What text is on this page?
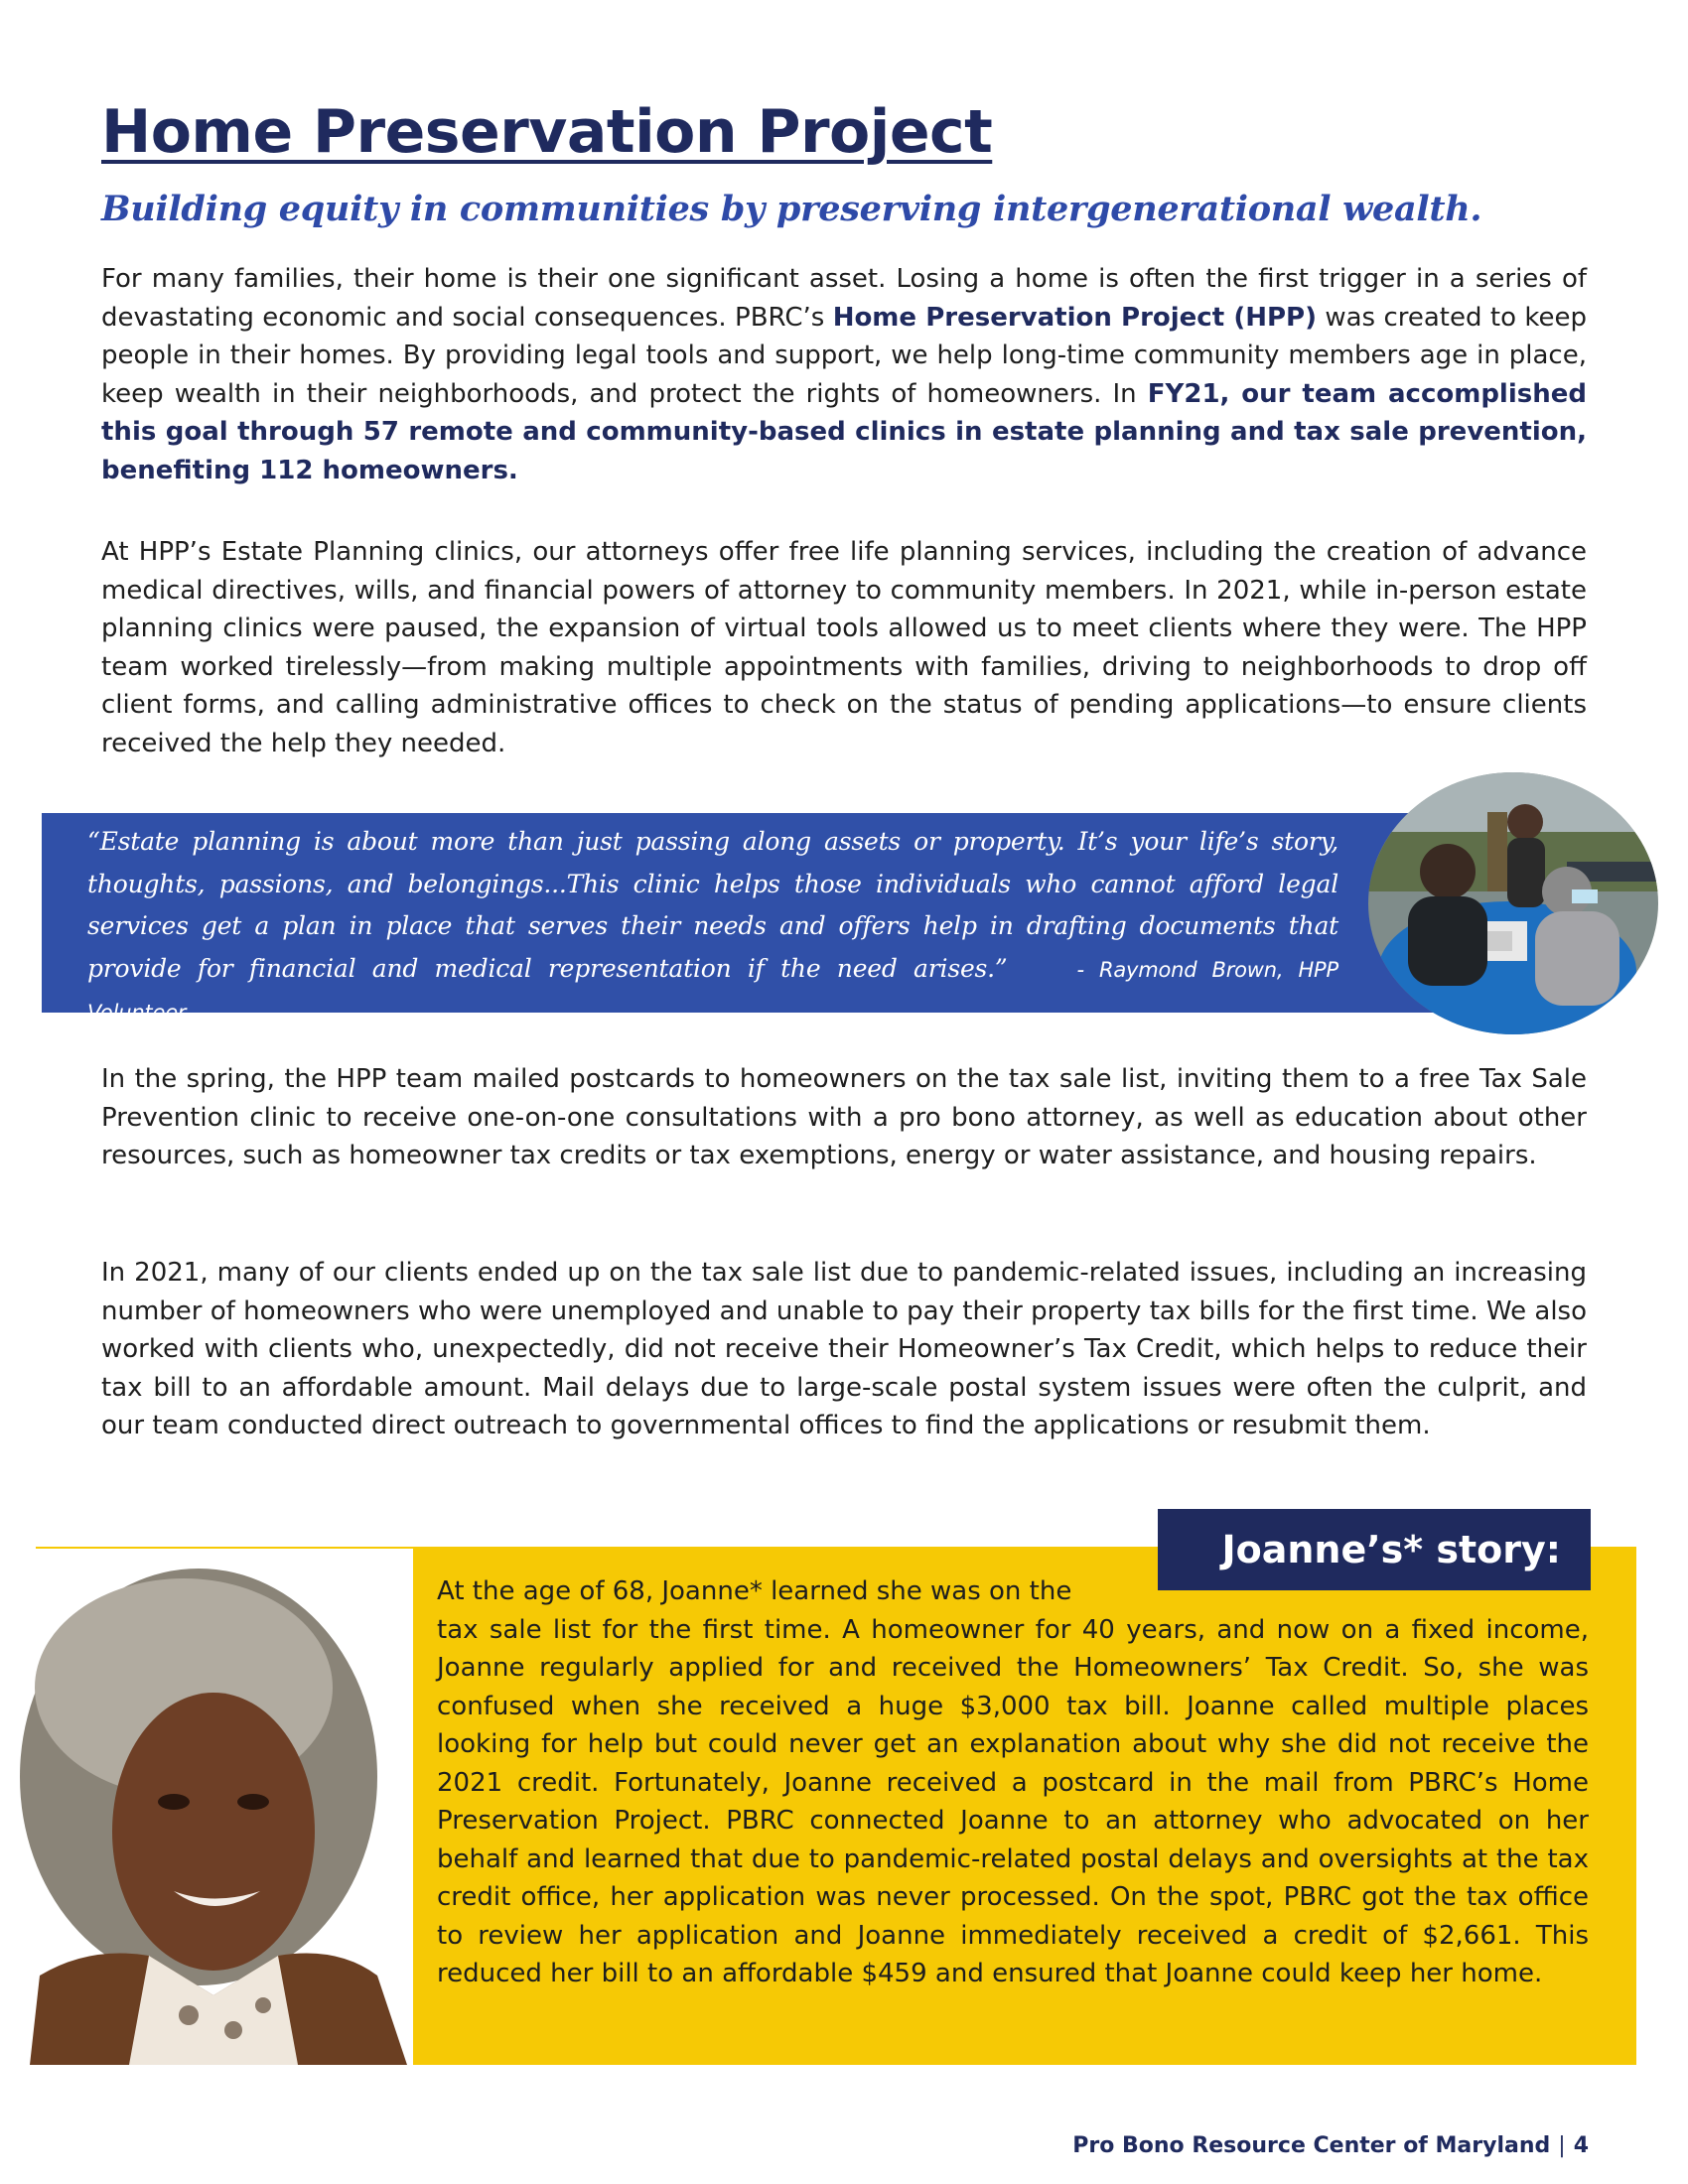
Home Preservation Project
Building equity in communities by preserving intergenerational wealth.

For many families, their home is their one significant asset. Losing a home is often the first trigger in a series of devastating economic and social consequences. PBRC’s Home Preservation Project (HPP) was created to keep people in their homes. By providing legal tools and support, we help long-time community members age in place, keep wealth in their neighborhoods, and protect the rights of homeowners. In FY21, our team accomplished this goal through 57 remote and community-based clinics in estate planning and tax sale prevention, benefiting 112 homeowners.

At HPP’s Estate Planning clinics, our attorneys offer free life planning services, including the creation of advance medical directives, wills, and financial powers of attorney to community members. In 2021, while in-person estate planning clinics were paused, the expansion of virtual tools allowed us to meet clients where they were. The HPP team worked tirelessly—from making multiple appointments with families, driving to neighborhoods to drop off client forms, and calling administrative offices to check on the status of pending applications—to ensure clients received the help they needed.

“Estate planning is about more than just passing along assets or property. It’s your life’s story, thoughts, passions, and belongings...This clinic helps those individuals who cannot afford legal services get a plan in place that serves their needs and offers help in drafting documents that provide for financial and medical representation if the need arises.”	- Raymond Brown, HPP Volunteer

In the spring, the HPP team mailed postcards to homeowners on the tax sale list, inviting them to a free Tax Sale Prevention clinic to receive one-on-one consultations with a pro bono attorney, as well as education about other resources, such as homeowner tax credits or tax exemptions, energy or water assistance, and housing repairs.

In 2021, many of our clients ended up on the tax sale list due to pandemic-related issues, including an increasing number of homeowners who were unemployed and unable to pay their property tax bills for the first time. We also worked with clients who, unexpectedly, did not receive their Homeowner’s Tax Credit, which helps to reduce their tax bill to an affordable amount. Mail delays due to large-scale postal system issues were often the culprit, and our team conducted direct outreach to governmental offices to find the applications or resubmit them.

Joanne’s* story:

At the age of 68, Joanne* learned she was on the
tax sale list for the first time. A homeowner for 40 years, and now on a fixed income, Joanne regularly applied for and received the Homeowners’ Tax Credit. So, she was confused when she received a huge $3,000 tax bill. Joanne called multiple places looking for help but could never get an explanation about why she did not receive the 2021 credit. Fortunately, Joanne received a postcard in the mail from PBRC’s Home Preservation Project. PBRC connected Joanne to an attorney who advocated on her behalf and learned that due to pandemic-related postal delays and oversights at the tax credit office, her application was never processed. On the spot, PBRC got the tax office to review her application and Joanne immediately received a credit of $2,661. This reduced her bill to an affordable $459 and ensured that Joanne could keep her home.

Pro Bono Resource Center of Maryland | 4
